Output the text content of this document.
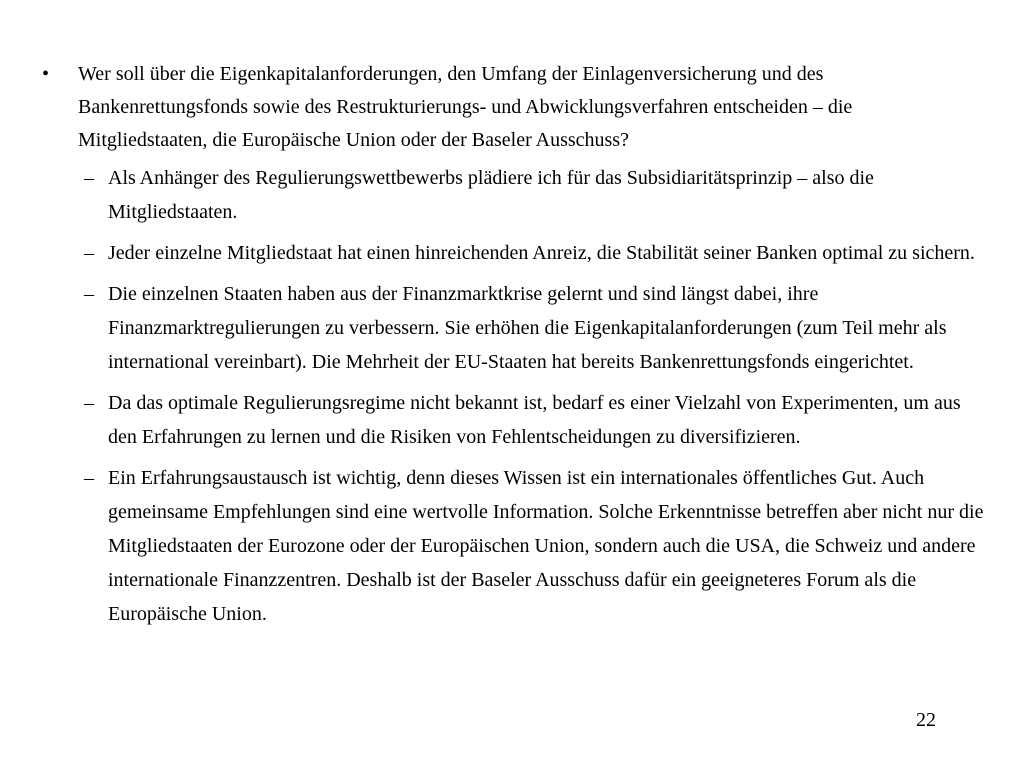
•	Wer soll über die Eigenkapitalanforderungen, den Umfang der Einlagenversicherung und des Bankenrettungsfonds sowie des Restrukturierungs- und Abwicklungsverfahren entscheiden – die Mitgliedstaaten, die Europäische Union oder der Baseler Ausschuss?
– Als Anhänger des Regulierungswettbewerbs plädiere ich für das Subsidiaritätsprinzip – also die Mitgliedstaaten.
– Jeder einzelne Mitgliedstaat hat einen hinreichenden Anreiz, die Stabilität seiner Banken optimal zu sichern.
– Die einzelnen Staaten haben aus der Finanzmarktkrise gelernt und sind längst dabei, ihre Finanzmarktregulierungen zu verbessern. Sie erhöhen die Eigenkapitalanforderungen (zum Teil mehr als international vereinbart). Die Mehrheit der EU-Staaten hat bereits Bankenrettungsfonds eingerichtet.
– Da das optimale Regulierungsregime nicht bekannt ist, bedarf es einer Vielzahl von Experimenten, um aus den Erfahrungen zu lernen und die Risiken von Fehlentscheidungen zu diversifizieren.
– Ein Erfahrungsaustausch ist wichtig, denn dieses Wissen ist ein internationales öffentliches Gut. Auch gemeinsame Empfehlungen sind eine wertvolle Information. Solche Erkenntnisse betreffen aber nicht nur die Mitgliedstaaten der Eurozone oder der Europäischen Union, sondern auch die USA, die Schweiz und andere internationale Finanzzentren. Deshalb ist der Baseler Ausschuss dafür ein geeigneteres Forum als die Europäische Union.
22
